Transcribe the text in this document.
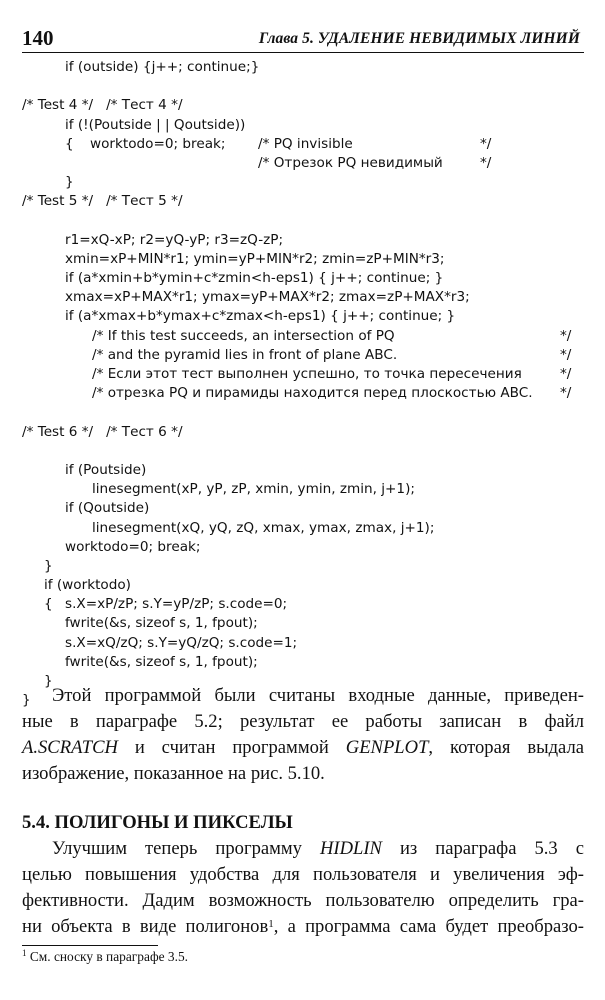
140	Глава 5. УДАЛЕНИЕ НЕВИДИМЫХ ЛИНИЙ
if (outside) {j++; continue;}
/* Test 4 */   /* Тест 4 */
if (!(Poutside | | Qoutside))
{ worktodo=0; break; /* PQ invisible	*/
/* Отрезок PQ невидимый	*/
}
/* Test 5 */   /* Тест 5 */
r1=xQ-xP; r2=yQ-yP; r3=zQ-zP;
xmin=xP+MIN*r1; ymin=yP+MIN*r2; zmin=zP+MIN*r3;
if (a*xmin+b*ymin+c*zmin<h-eps1) { j++; continue; }
xmax=xP+MAX*r1; ymax=yP+MAX*r2; zmax=zP+MAX*r3;
if (a*xmax+b*ymax+c*zmax<h-eps1) { j++; continue; }
/* If this test succeeds, an intersection of PQ	*/
/* and the pyramid lies in front of plane ABC.	*/
/* Если этот тест выполнен успешно, то точка пересечения	*/
/* отрезка PQ и пирамиды находится перед плоскостью ABC. */
/* Test 6 */   /* Тест 6 */
if (Poutside)
linesegment(xP, yP, zP, xmin, ymin, zmin, j+1);
if (Qoutside)
linesegment(xQ, yQ, zQ, xmax, ymax, zmax, j+1);
worktodo=0; break;
}
if (worktodo)
{ s.X=xP/zP; s.Y=yP/zP; s.code=0;
fwrite(&s, sizeof s, 1, fpout);
s.X=xQ/zQ; s.Y=yQ/zQ; s.code=1;
fwrite(&s, sizeof s, 1, fpout);
}
}	Этой программой были считаны входные данные, приведен-
ные в параграфе 5.2; результат ее работы записан в файл
A.SCRATCH и считан программой GENPLOT, которая выдала
изображение, показанное на рис. 5.10.
5.4. ПОЛИГОНЫ И ПИКСЕЛЫ
Улучшим теперь программу HIDLIN из параграфа 5.3 с
целью повышения удобства для пользователя и увеличения эф-
фективности. Дадим возможность пользователю определить гра-
ни объекта в виде полигонов$^1$, а программа сама будет преобразо-
$^1$ См. сноску в параграфе 3.5.
